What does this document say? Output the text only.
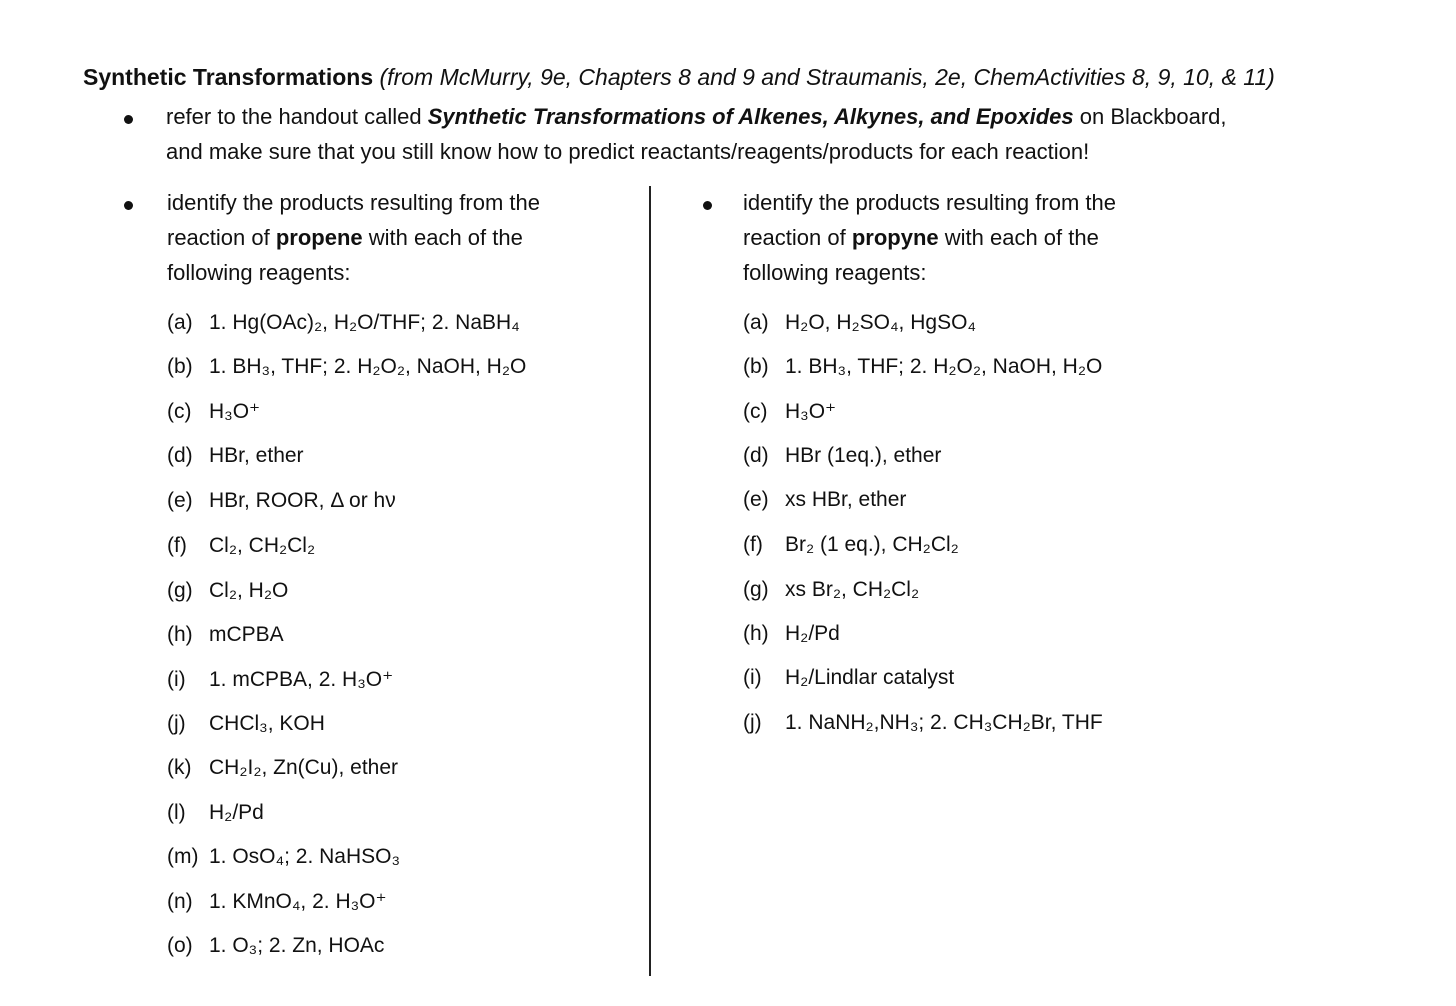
Synthetic Transformations (from McMurry, 9e, Chapters 8 and 9 and Straumanis, 2e, ChemActivities 8, 9, 10, & 11)
refer to the handout called Synthetic Transformations of Alkenes, Alkynes, and Epoxides on Blackboard,
and make sure that you still know how to predict reactants/reagents/products for each reaction!
identify the products resulting from the
reaction of propene with each of the
following reagents:
identify the products resulting from the
reaction of propyne with each of the
following reagents:
(a) 1. Hg(OAc)₂, H₂O/THF; 2. NaBH₄
(b) 1. BH₃, THF; 2. H₂O₂, NaOH, H₂O
(c) H₃O⁺
(d) HBr, ether
(e) HBr, ROOR, Δ or hν
(f) Cl₂, CH₂Cl₂
(g) Cl₂, H₂O
(h) mCPBA
(i) 1. mCPBA, 2. H₃O⁺
(j) CHCl₃, KOH
(k) CH₂I₂, Zn(Cu), ether
(l) H₂/Pd
(m) 1. OsO₄; 2. NaHSO₃
(n) 1. KMnO₄, 2. H₃O⁺
(o) 1. O₃; 2. Zn, HOAc
(a) H₂O, H₂SO₄, HgSO₄
(b) 1. BH₃, THF; 2. H₂O₂, NaOH, H₂O
(c) H₃O⁺
(d) HBr (1eq.), ether
(e) xs HBr, ether
(f) Br₂ (1 eq.), CH₂Cl₂
(g) xs Br₂, CH₂Cl₂
(h) H₂/Pd
(i) H₂/Lindlar catalyst
(j) 1. NaNH₂,NH₃; 2. CH₃CH₂Br, THF
